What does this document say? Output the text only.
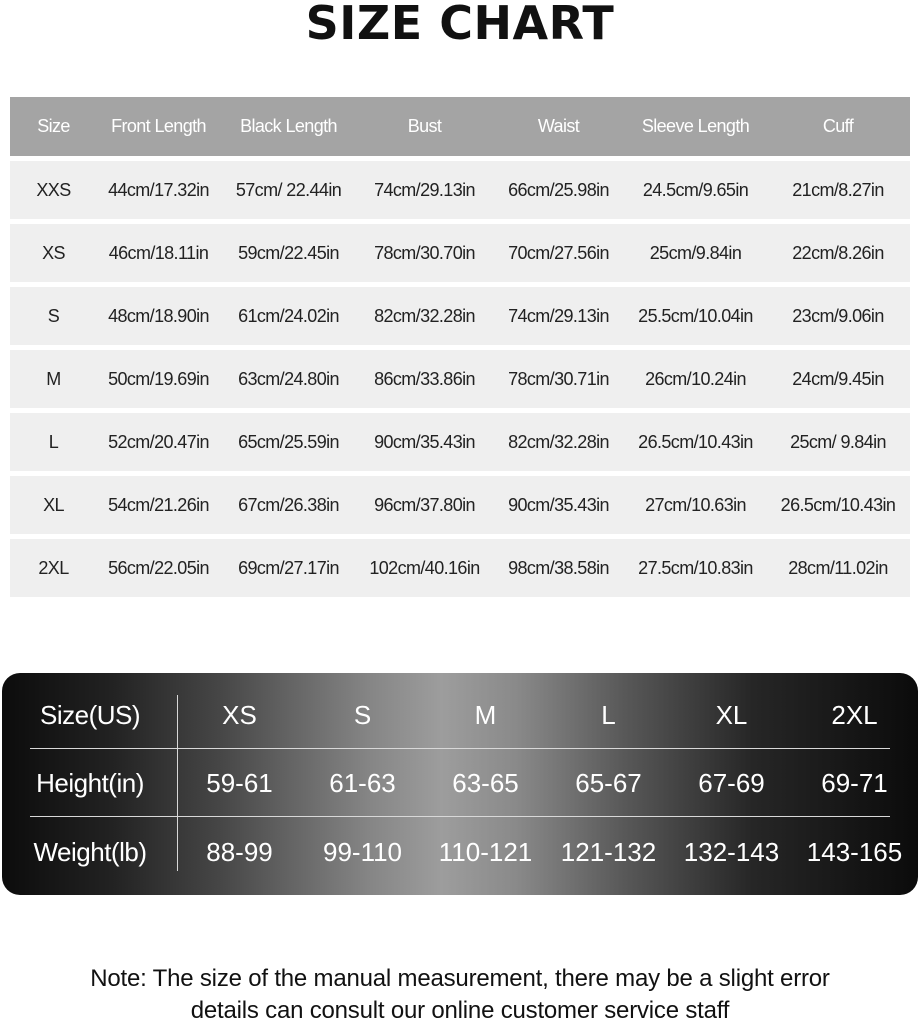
SIZE CHART
Size	Front Length	Black Length	Bust	Waist	Sleeve Length	Cuff
XXS	44cm/17.32in	57cm/ 22.44in	74cm/29.13in	66cm/25.98in	24.5cm/9.65in	21cm/8.27in
XS	46cm/18.11in	59cm/22.45in	78cm/30.70in	70cm/27.56in	25cm/9.84in	22cm/8.26in
S	48cm/18.90in	61cm/24.02in	82cm/32.28in	74cm/29.13in	25.5cm/10.04in	23cm/9.06in
M	50cm/19.69in	63cm/24.80in	86cm/33.86in	78cm/30.71in	26cm/10.24in	24cm/9.45in
L	52cm/20.47in	65cm/25.59in	90cm/35.43in	82cm/32.28in	26.5cm/10.43in	25cm/ 9.84in
XL	54cm/21.26in	67cm/26.38in	96cm/37.80in	90cm/35.43in	27cm/10.63in	26.5cm/10.43in
2XL	56cm/22.05in	69cm/27.17in	102cm/40.16in	98cm/38.58in	27.5cm/10.83in	28cm/11.02in
Size(US)	XS	S	M	L	XL	2XL
Height(in)	59-61	61-63	63-65	65-67	67-69	69-71
Weight(lb)	88-99	99-110	110-121	121-132	132-143	143-165
Note: The size of the manual measurement, there may be a slight error
details can consult our online customer service staff
